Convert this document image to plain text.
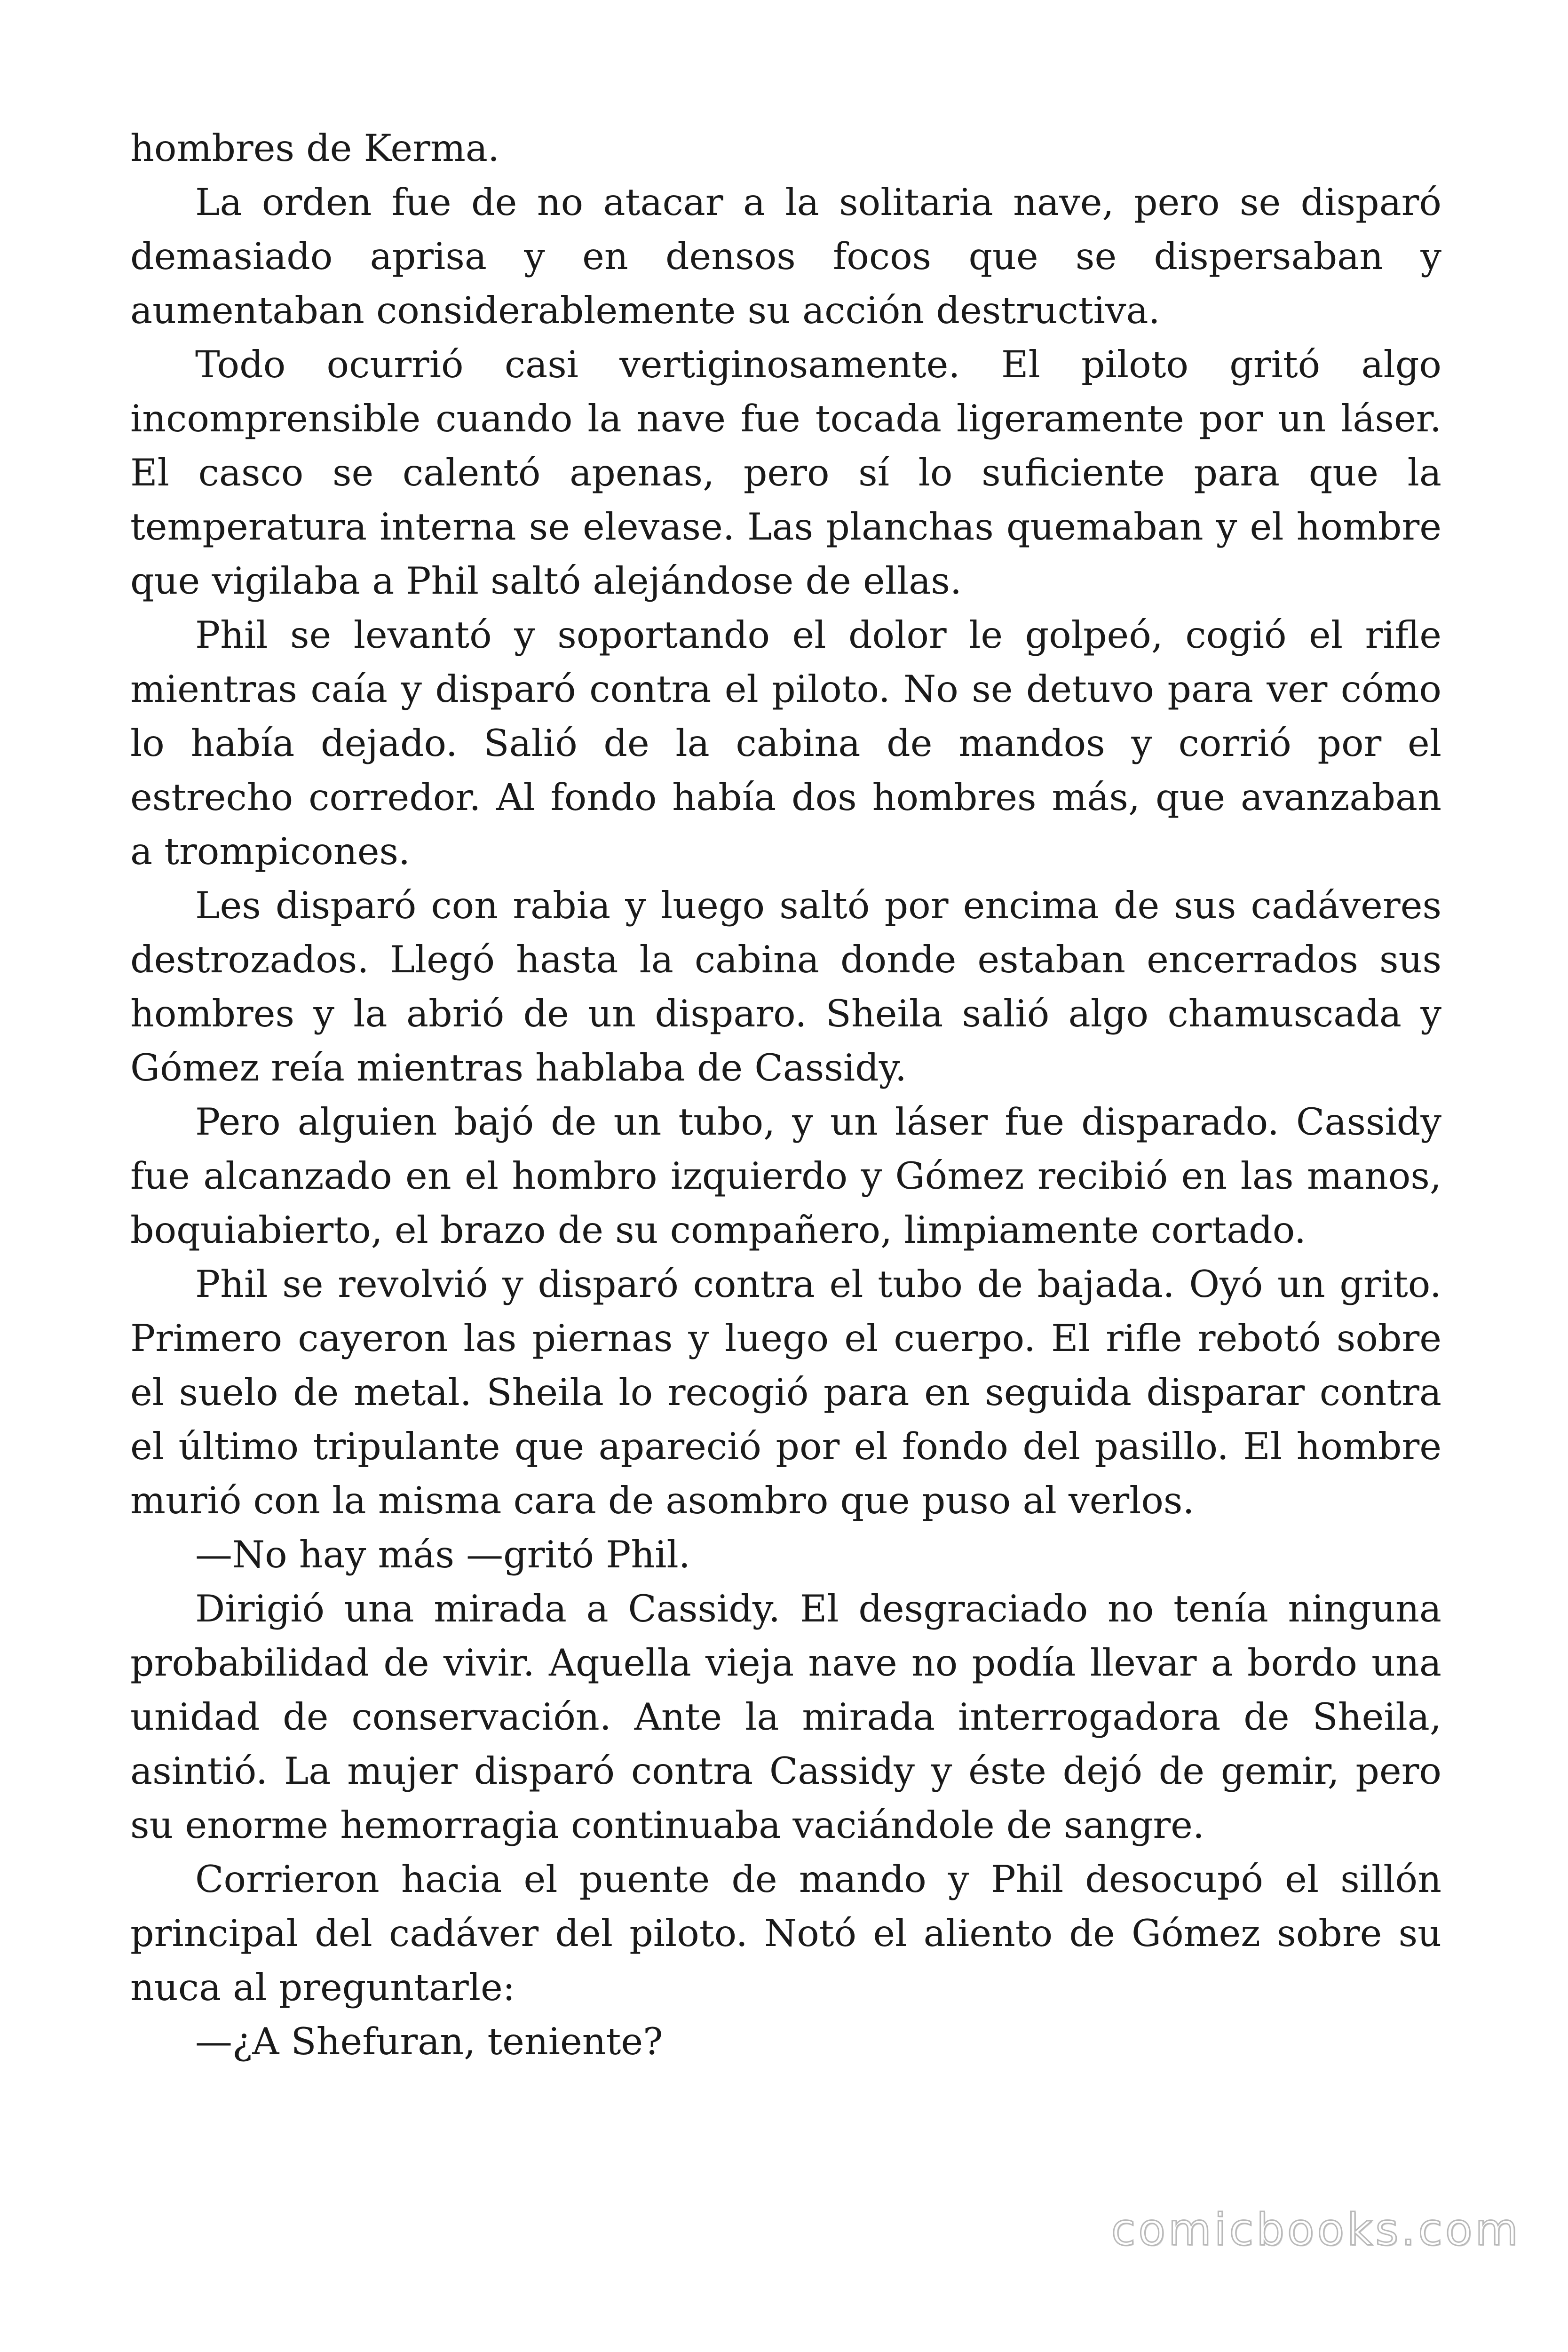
hombres de Kerma.

La orden fue de no atacar a la solitaria nave, pero se disparó demasiado aprisa y en densos focos que se dispersaban y aumentaban considerablemente su acción destructiva.

Todo ocurrió casi vertiginosamente. El piloto gritó algo incomprensible cuando la nave fue tocada ligeramente por un láser. El casco se calentó apenas, pero sí lo suficiente para que la temperatura interna se elevase. Las planchas quemaban y el hombre que vigilaba a Phil saltó alejándose de ellas.

Phil se levantó y soportando el dolor le golpeó, cogió el rifle mientras caía y disparó contra el piloto. No se detuvo para ver cómo lo había dejado. Salió de la cabina de mandos y corrió por el estrecho corredor. Al fondo había dos hombres más, que avanzaban a trompicones.

Les disparó con rabia y luego saltó por encima de sus cadáveres destrozados. Llegó hasta la cabina donde estaban encerrados sus hombres y la abrió de un disparo. Sheila salió algo chamuscada y Gómez reía mientras hablaba de Cassidy.

Pero alguien bajó de un tubo, y un láser fue disparado. Cassidy fue alcanzado en el hombro izquierdo y Gómez recibió en las manos, boquiabierto, el brazo de su compañero, limpiamente cortado.

Phil se revolvió y disparó contra el tubo de bajada. Oyó un grito. Primero cayeron las piernas y luego el cuerpo. El rifle rebotó sobre el suelo de metal. Sheila lo recogió para en seguida disparar contra el último tripulante que apareció por el fondo del pasillo. El hombre murió con la misma cara de asombro que puso al verlos.

—No hay más —gritó Phil.

Dirigió una mirada a Cassidy. El desgraciado no tenía ninguna probabilidad de vivir. Aquella vieja nave no podía llevar a bordo una unidad de conservación. Ante la mirada interrogadora de Sheila, asintió. La mujer disparó contra Cassidy y éste dejó de gemir, pero su enorme hemorragia continuaba vaciándole de sangre.

Corrieron hacia el puente de mando y Phil desocupó el sillón principal del cadáver del piloto. Notó el aliento de Gómez sobre su nuca al preguntarle:

—¿A Shefuran, teniente?

comicbooks.com
